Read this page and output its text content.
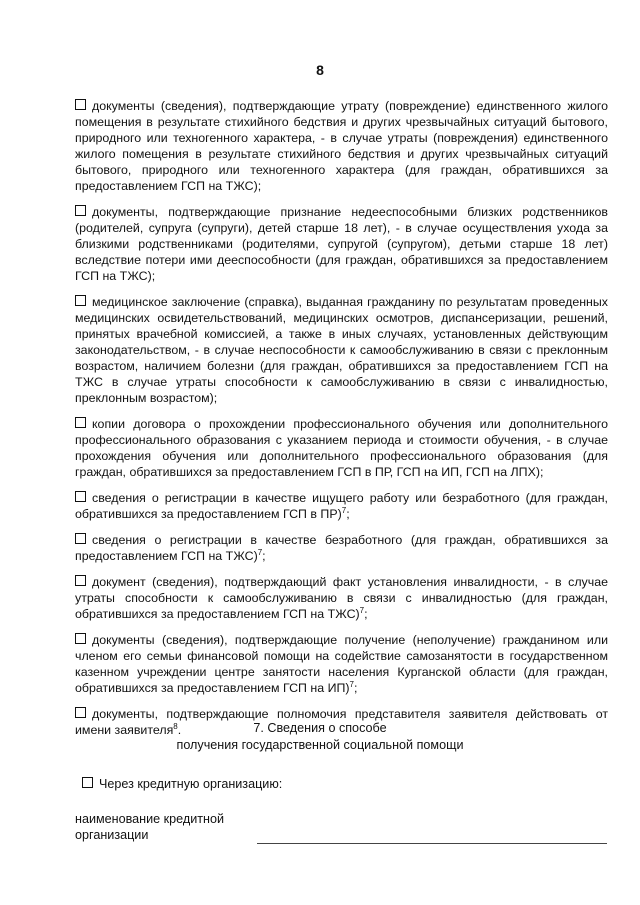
8

документы (сведения), подтверждающие утрату (повреждение) единственного жилого помещения в результате стихийного бедствия и других чрезвычайных ситуаций бытового, природного или техногенного характера, - в случае утраты (повреждения) единственного жилого помещения в результате стихийного бедствия и других чрезвычайных ситуаций бытового, природного или техногенного характера (для граждан, обратившихся за предоставлением ГСП на ТЖС);

документы, подтверждающие признание недееспособными близких родственников (родителей, супруга (супруги), детей старше 18 лет), - в случае осуществления ухода за близкими родственниками (родителями, супругой (супругом), детьми старше 18 лет) вследствие потери ими дееспособности (для граждан, обратившихся за предоставлением ГСП на ТЖС);

медицинское заключение (справка), выданная гражданину по результатам проведенных медицинских освидетельствований, медицинских осмотров, диспансеризации, решений, принятых врачебной комиссией, а также в иных случаях, установленных действующим законодательством, - в случае неспособности к самообслуживанию в связи с преклонным возрастом, наличием болезни (для граждан, обратившихся за предоставлением ГСП на ТЖС в случае утраты способности к самообслуживанию в связи с инвалидностью, преклонным возрастом);

копии договора о прохождении профессионального обучения или дополнительного профессионального образования с указанием периода и стоимости обучения, - в случае прохождения обучения или дополнительного профессионального образования (для граждан, обратившихся за предоставлением ГСП в ПР, ГСП на ИП, ГСП на ЛПХ);

сведения о регистрации в качестве ищущего работу или безработного (для граждан, обратившихся за предоставлением ГСП в ПР)$^7$;

сведения о регистрации в качестве безработного (для граждан, обратившихся за предоставлением ГСП на ТЖС)$^7$;

документ (сведения), подтверждающий факт установления инвалидности, - в случае утраты способности к самообслуживанию в связи с инвалидностью (для граждан, обратившихся за предоставлением ГСП на ТЖС)$^7$;

документы (сведения), подтверждающие получение (неполучение) гражданином или членом его семьи финансовой помощи на содействие самозанятости в государственном казенном учреждении центре занятости населения Курганской области (для граждан, обратившихся за предоставлением ГСП на ИП)$^7$;

документы, подтверждающие полномочия представителя заявителя действовать от имени заявителя$^8$.	7. Сведения о способе
получения государственной социальной помощи
Через кредитную организацию:
наименование кредитной организации
